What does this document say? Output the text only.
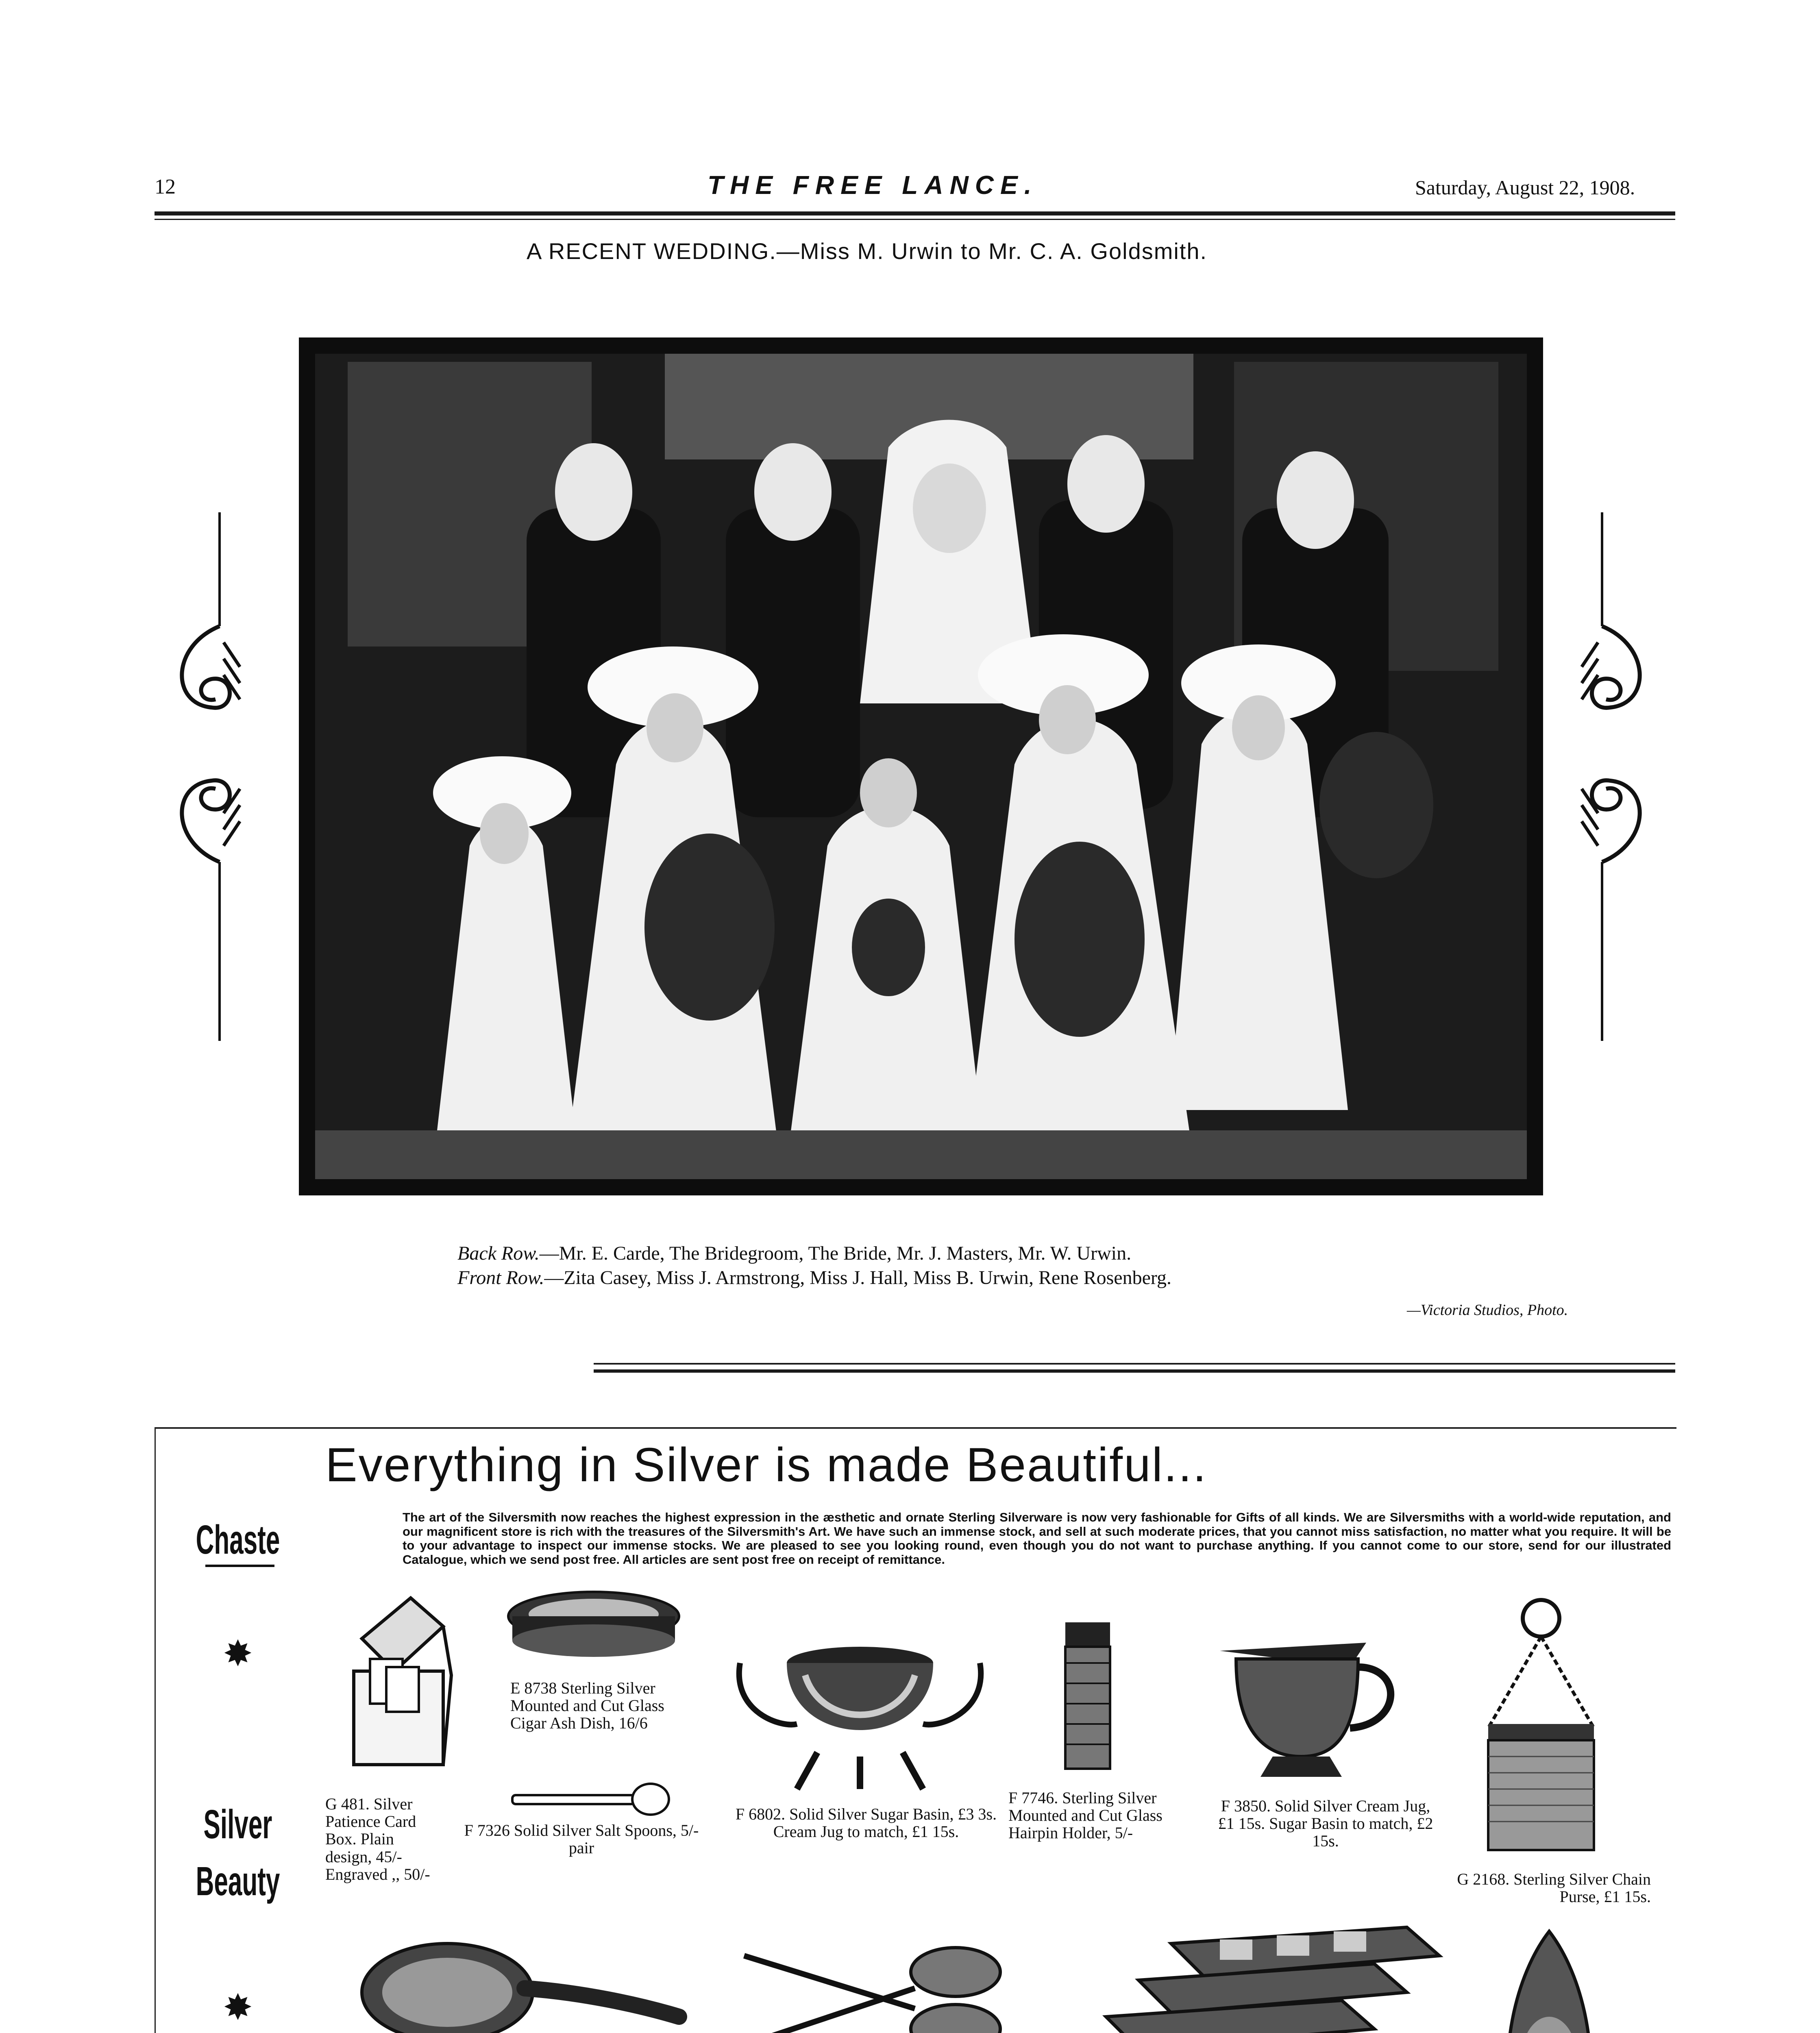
12	THE FREE LANCE.	Saturday, August 22, 1908.
A RECENT WEDDING.—Miss M. Urwin to Mr. C. A. Goldsmith.
Back Row.—Mr. E. Carde, The Bridegroom, The Bride, Mr. J. Masters, Mr. W. Urwin.
Front Row.—Zita Casey, Miss J. Armstrong, Miss J. Hall, Miss B. Urwin, Rene Rosenberg.
—Victoria Studios, Photo.
Everything in Silver is made Beautiful...
The art of the Silversmith now reaches the highest expression in the æsthetic and ornate Sterling Silverware is now very fashionable for Gifts of all kinds. We are Silversmiths with a world-wide reputation, and our magnificent store is rich with the treasures of the Silversmith's Art. We have such an immense stock, and sell at such moderate prices, that you cannot miss satisfaction, no matter what you require. It will be to your advantage to inspect our immense stocks. We are pleased to see you looking round, even though you do not want to purchase anything. If you cannot come to our store, send for our illustrated Catalogue, which we send post free. All articles are sent post free on receipt of remittance.
Chaste
✸
Silver
Beauty
✸
G 481. Silver Patience Card Box. Plain design, 45/- Engraved ,, 50/-
E 8738 Sterling Silver Mounted and Cut Glass Cigar Ash Dish, 16/6
F 7326 Solid Silver Salt Spoons, 5/- pair
F 6802. Solid Silver Sugar Basin, £3 3s. Cream Jug to match, £1 15s.
F 7746. Sterling Silver Mounted and Cut Glass Hairpin Holder, 5/-
F 3850. Solid Silver Cream Jug, £1 15s. Sugar Basin to match, £2 15s.
G 2168. Sterling Silver Chain Purse, £1 15s.
